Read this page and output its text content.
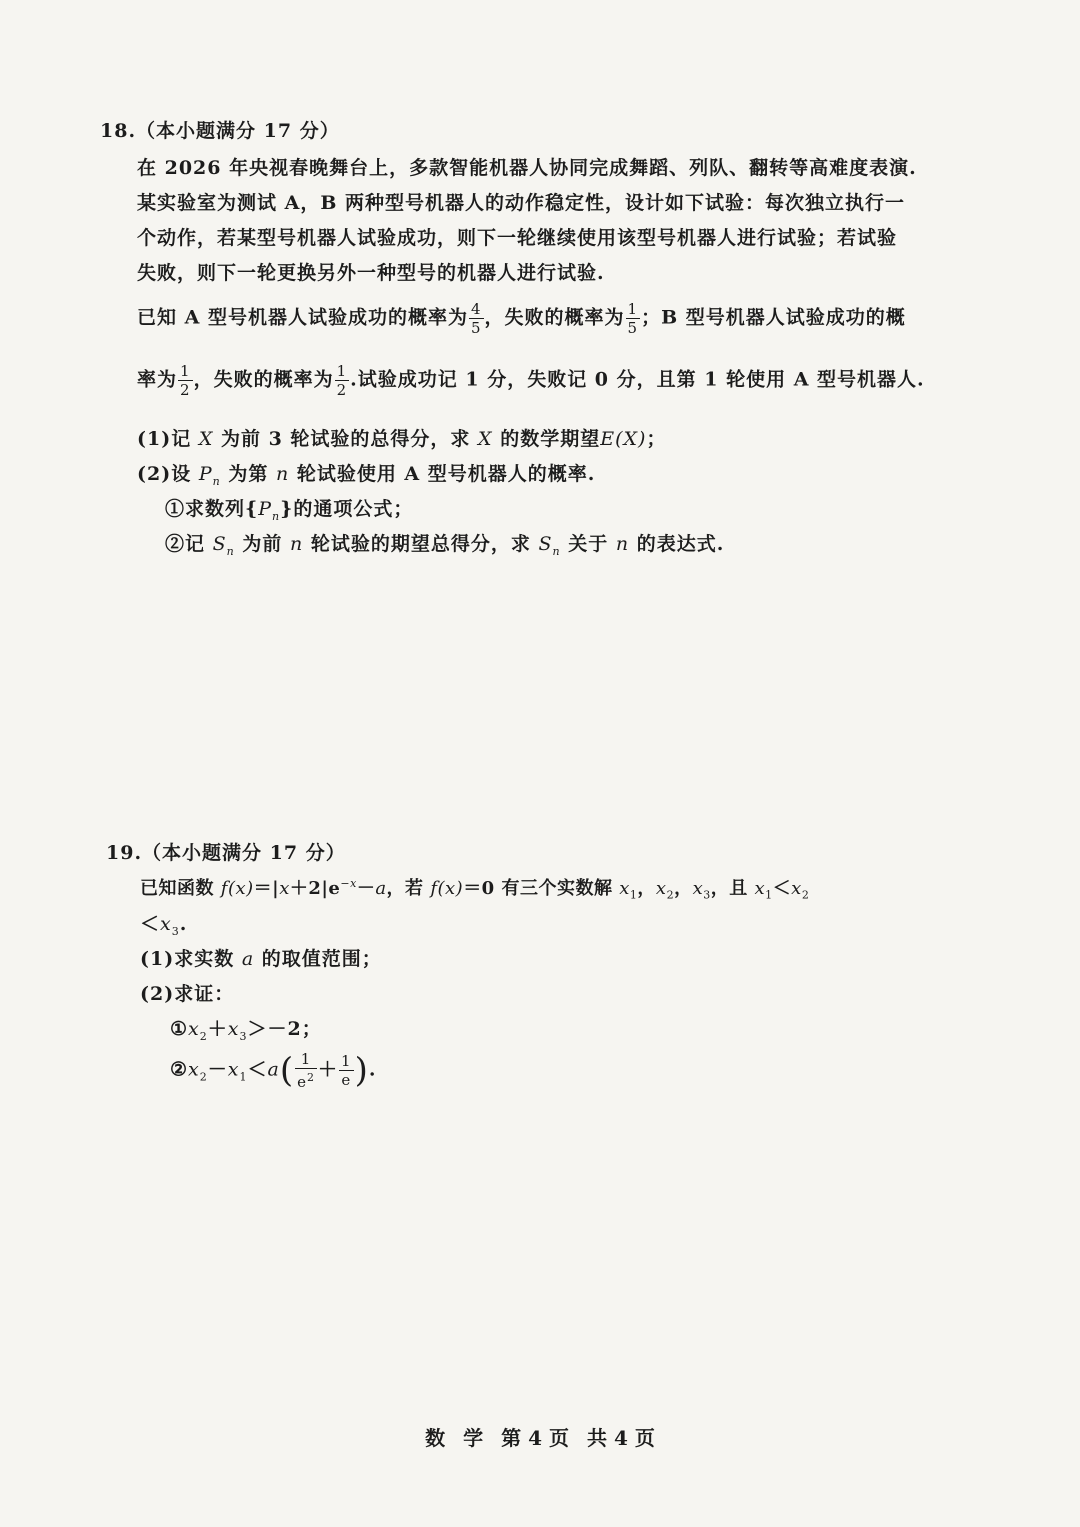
18.（本小题满分 17 分）
在 2026 年央视春晚舞台上，多款智能机器人协同完成舞蹈、列队、翻转等高难度表演.
某实验室为测试 A，B 两种型号机器人的动作稳定性，设计如下试验：每次独立执行一
个动作，若某型号机器人试验成功，则下一轮继续使用该型号机器人进行试验；若试验
失败，则下一轮更换另外一种型号的机器人进行试验.
已知 A 型号机器人试验成功的概率为 $\frac{4}{5}$ ，失败的概率为 $\frac{1}{5}$ ；B 型号机器人试验成功的概
率为 $\frac{1}{2}$ ，失败的概率为 $\frac{1}{2}$ .试验成功记 1 分，失败记 0 分，且第 1 轮使用 A 型号机器人.
(1)记 X 为前 3 轮试验的总得分，求 X 的数学期望E(X)；
(2)设 $P_n$ 为第 n 轮试验使用 A 型号机器人的概率.
①求数列$\{P_n\}$的通项公式；
②记 $S_n$ 为前 n 轮试验的期望总得分，求 $S_n$ 关于 n 的表达式.
19.（本小题满分 17 分）
已知函数 $f(x)=|x+2|e^{-x}-a$，若 f(x)＝0 有三个实数解 $x_1$，$x_2$，$x_3$，且 $x_1<x_2$
$<x_3$.
(1)求实数 a 的取值范围；
(2)求证：
$①x_2+x_3>-2$；
$②x_2-x_1<a( \frac{1}{e^2} + \frac{1}{e}$ ).
数 学 第 4 页 共 4 页
